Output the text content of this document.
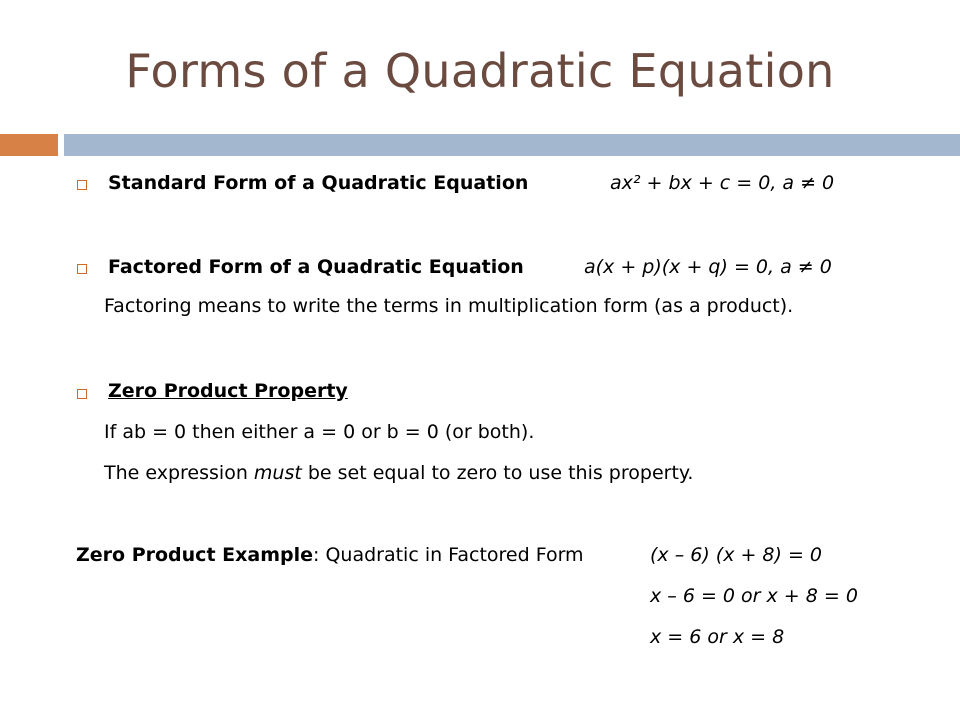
Forms of a Quadratic Equation
Standard Form of a Quadratic Equation	ax² + bx + c = 0, a ≠ 0
Factored Form of a Quadratic Equation	a(x + p)(x + q) = 0, a ≠ 0
Factoring means to write the terms in multiplication form (as a product).
Zero Product Property
If ab = 0 then either a = 0 or b = 0 (or both).
The expression must be set equal to zero to use this property.
Zero Product Example: Quadratic in Factored Form	(x – 6) (x + 8) = 0
x – 6 = 0 or x + 8 = 0
x = 6 or x = 8
